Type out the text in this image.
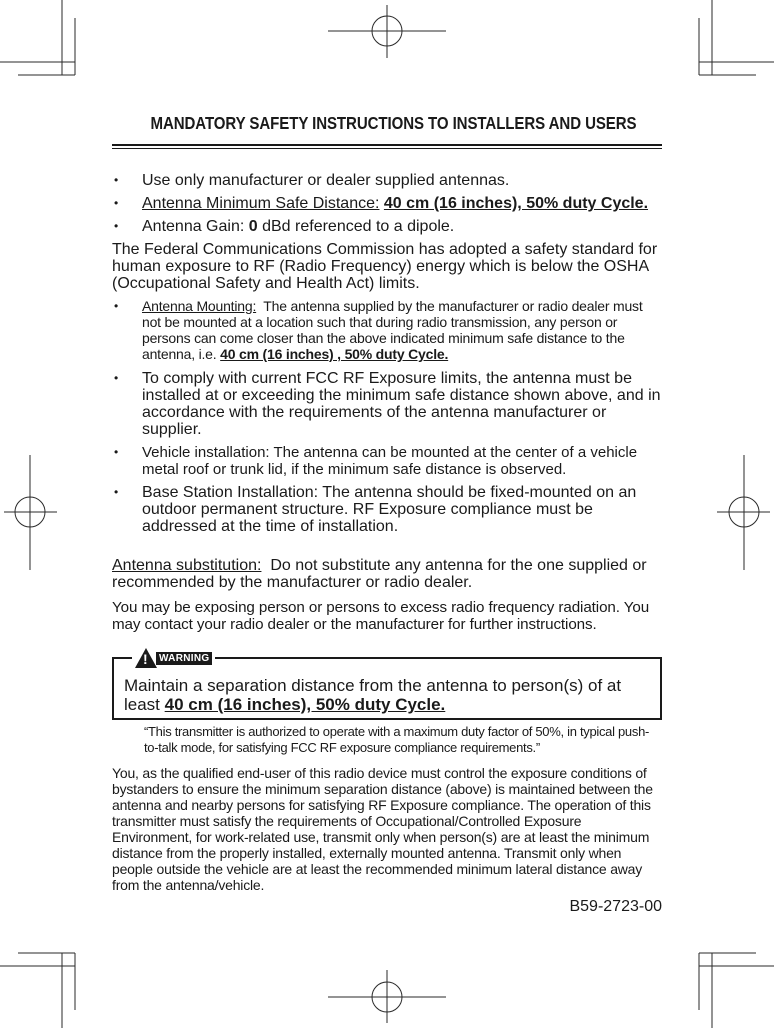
MANDATORY SAFETY INSTRUCTIONS TO INSTALLERS AND USERS
• Use only manufacturer or dealer supplied antennas.
• Antenna Minimum Safe Distance: 40 cm (16 inches), 50% duty Cycle.
• Antenna Gain: 0 dBd referenced to a dipole.

The Federal Communications Commission has adopted a safety standard for human exposure to RF (Radio Frequency) energy which is below the OSHA (Occupational Safety and Health Act) limits.

• Antenna Mounting: The antenna supplied by the manufacturer or radio dealer must not be mounted at a location such that during radio transmission, any person or persons can come closer than the above indicated minimum safe distance to the antenna, i.e. 40 cm (16 inches) , 50% duty Cycle.
• To comply with current FCC RF Exposure limits, the antenna must be installed at or exceeding the minimum safe distance shown above, and in accordance with the requirements of the antenna manufacturer or supplier.
• Vehicle installation: The antenna can be mounted at the center of a vehicle metal roof or trunk lid, if the minimum safe distance is observed.
• Base Station Installation: The antenna should be fixed-mounted on an outdoor permanent structure. RF Exposure compliance must be addressed at the time of installation.

Antenna substitution: Do not substitute any antenna for the one supplied or recommended by the manufacturer or radio dealer.

You may be exposing person or persons to excess radio frequency radiation. You may contact your radio dealer or the manufacturer for further instructions.

!	WARNING
Maintain a separation distance from the antenna to person(s) of at least 40 cm (16 inches), 50% duty Cycle.

“This transmitter is authorized to operate with a maximum duty factor of 50%, in typical push-to-talk mode, for satisfying FCC RF exposure compliance requirements.”

You, as the qualified end-user of this radio device must control the exposure conditions of bystanders to ensure the minimum separation distance (above) is maintained between the antenna and nearby persons for satisfying RF Exposure compliance. The operation of this transmitter must satisfy the requirements of Occupational/Controlled Exposure Environment, for work-related use, transmit only when person(s) are at least the minimum distance from the properly installed, externally mounted antenna. Transmit only when people outside the vehicle are at least the recommended minimum lateral distance away from the antenna/vehicle.

B59-2723-00
